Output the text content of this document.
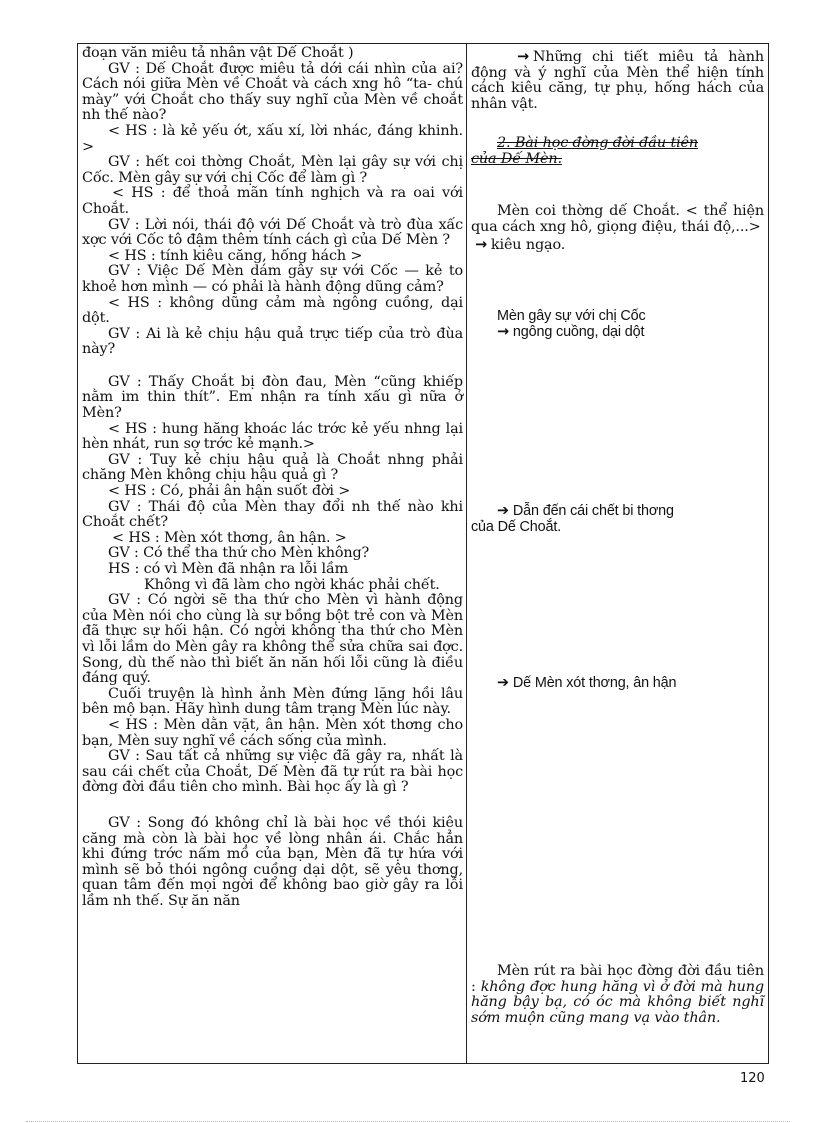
đoạn văn miêu tả nhân vật Dế Choắt )

GV : Dế Choắt được miêu tả dới cái nhìn của ai? Cách nói giữa Mèn về Choắt và cách xng hô “ta- chú mày” với Choắt cho thấy suy nghĩ của Mèn về choắt nh thế nào?

< HS : là kẻ yếu ớt, xấu xí, lời nhác, đáng khinh. >

GV : hết coi thờng Choắt, Mèn lại gây sự với chị Cốc. Mèn gây sự với chị Cốc để làm gì ?

< HS : để thoả mãn tính nghịch và ra oai với Choắt.

GV : Lời nói, thái độ với Dế Choắt và trò đùa xấc xợc với Cốc tô đậm thêm tính cách gì của Dế Mèn ?

< HS : tính kiêu căng, hống hách >

GV : Việc Dế Mèn dám gây sự với Cốc — kẻ to khoẻ hơn mình — có phải là hành động dũng cảm?

< HS : không dũng cảm mà ngông cuồng, dại dột.

GV : Ai là kẻ chịu hậu quả trực tiếp của trò đùa này?

GV : Thấy Choắt bị đòn đau, Mèn “cũng khiếp nằm im thin thít”. Em nhận ra tính xấu gì nữa ở Mèn?

< HS : hung hăng khoác lác trớc kẻ yếu nhng lại hèn nhát, run sợ trớc kẻ mạnh.>

GV : Tuy kẻ chịu hậu quả là Choắt nhng phải chăng Mèn không chịu hậu quả gì ?

< HS : Có, phải ân hận suốt đời >

GV : Thái độ của Mèn thay đổi nh thế nào khi Choắt chết?

< HS : Mèn xót thơng, ân hận. >

GV : Có thể tha thứ cho Mèn không?

HS : có vì Mèn đã nhận ra lỗi lầm

Không vì đã làm cho ngời khác phải chết.

GV : Có ngời sẽ tha thứ cho Mèn vì hành động của Mèn nói cho cùng là sự bồng bột trẻ con và Mèn đã thực sự hối hận. Có ngời không tha thứ cho Mèn vì lỗi lầm do Mèn gây ra không thể sửa chữa sai đợc. Song, dù thế nào thì biết ăn năn hối lỗi cũng là điều đáng quý.

Cuối truyện là hình ảnh Mèn đứng lặng hồi lâu bên mộ bạn. Hãy hình dung tâm trạng Mèn lúc này.

< HS : Mèn dằn vặt, ân hận. Mèn xót thơng cho bạn, Mèn suy nghĩ về cách sống của mình.

GV : Sau tất cả những sự việc đã gây ra, nhất là sau cái chết của Choắt, Dế Mèn đã tự rút ra bài học đờng đời đầu tiên cho mình. Bài học ấy là gì ?

GV : Song đó không chỉ là bài học về thói kiêu căng mà còn là bài học về lòng nhân ái. Chắc hẳn khi đứng trớc nấm mồ của bạn, Mèn đã tự hứa với mình sẽ bỏ thói ngông cuồng dại dột, sẽ yêu thơng, quan tâm đến mọi ngời để không bao giờ gây ra lỗi lầm nh thế. Sự ăn năn

→ Những chi tiết miêu tả hành động và ý nghĩ của Mèn thể hiện tính cách kiêu căng, tự phụ, hống hách của nhân vật.

2. Bài học đờng đời đầu tiên

của Dế Mèn.

Mèn coi thờng dế Choắt. < thể hiện qua cách xng hô, giọng điệu, thái độ,...>

→ kiêu ngạo.

Mèn gây sự với chị Cốc

→ ngông cuồng, dại dột

➔ Dẫn đến cái chết bi thơng

của Dế Choắt.

➔ Dế Mèn xót thơng, ân hận

Mèn rút ra bài học đờng đời đầu tiên : không đợc hung hăng vì ở đời mà hung hăng bậy bạ, có óc mà không biết nghĩ sớm muộn cũng mang vạ vào thân.

120
